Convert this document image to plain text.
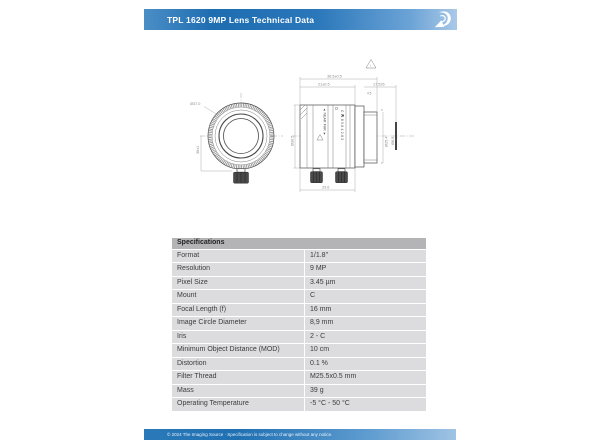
TPL 1620 9MP Lens Technical Data
Ø37.0
36±1
◄ NEAR FAR ►	C 11 8 5.6 4 2.8 2
!
x
v
36.5±0.5
21±0.5	17.526
4.5
Ø30.5	Ø25.4 Ø8.9
29.6
Specifications
Format	1/1.8"
Resolution	9 MP
Pixel Size	3.45 µm
Mount	C
Focal Length (f)	16 mm
Image Circle Diameter	8,9 mm
Iris	2 - C
Minimum Object Distance (MOD)	10 cm
Distortion	0.1 %
Filter Thread	M25.5x0.5 mm
Mass	39 g
Operating Temperature	-5 °C - 50 °C
© 2024 The Imaging Source · Specification is subject to change without any notice.
